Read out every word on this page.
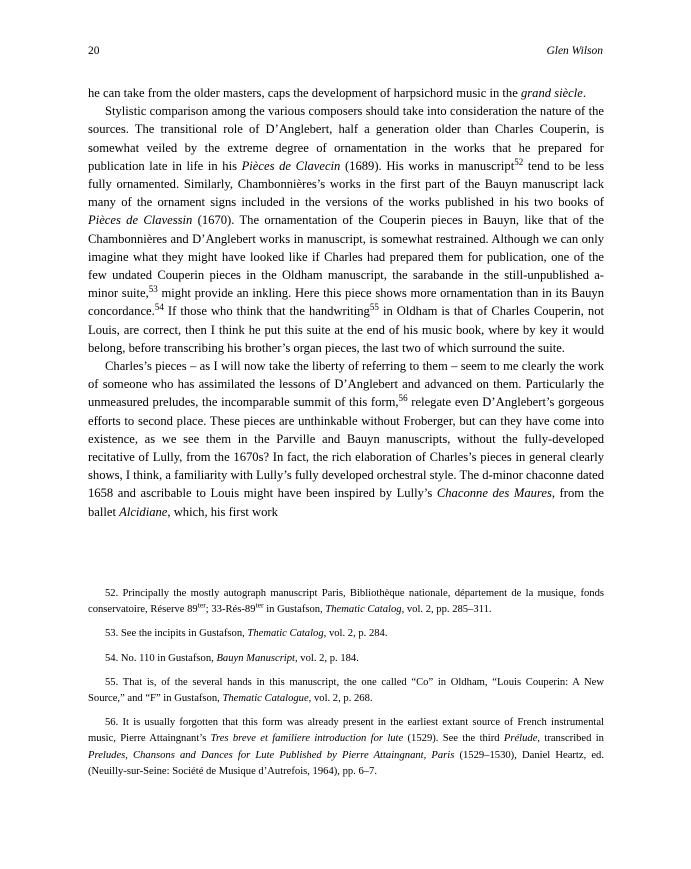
20	Glen Wilson

he can take from the older masters, caps the development of harpsichord music in the grand siècle.

Stylistic comparison among the various composers should take into consideration the nature of the sources. The transitional role of D’Anglebert, half a generation older than Charles Couperin, is somewhat veiled by the extreme degree of ornamentation in the works that he prepared for publication late in life in his Pièces de Clavecin (1689). His works in manuscript$^{52}$ tend to be less fully ornamented. Similarly, Chambonnières’s works in the first part of the Bauyn manuscript lack many of the ornament signs included in the versions of the works published in his two books of Pièces de Clavessin (1670). The ornamentation of the Couperin pieces in Bauyn, like that of the Chambonnières and D’Anglebert works in manuscript, is somewhat restrained. Although we can only imagine what they might have looked like if Charles had prepared them for publication, one of the few undated Couperin pieces in the Oldham manuscript, the sarabande in the still-unpublished a-minor suite,$^{53}$ might provide an inkling. Here this piece shows more ornamentation than in its Bauyn concordance.$^{54}$ If those who think that the handwriting$^{55}$ in Oldham is that of Charles Couperin, not Louis, are correct, then I think he put this suite at the end of his music book, where by key it would belong, before transcribing his brother’s organ pieces, the last two of which surround the suite.

Charles’s pieces – as I will now take the liberty of referring to them – seem to me clearly the work of someone who has assimilated the lessons of D’Anglebert and advanced on them. Particularly the unmeasured preludes, the incomparable summit of this form,$^{56}$ relegate even D’Anglebert’s gorgeous efforts to second place. These pieces are unthinkable without Froberger, but can they have come into existence, as we see them in the Parville and Bauyn manuscripts, without the fully-developed recitative of Lully, from the 1670s? In fact, the rich elaboration of Charles’s pieces in general clearly shows, I think, a familiarity with Lully’s fully developed orchestral style. The d-minor chaconne dated 1658 and ascribable to Louis might have been inspired by Lully’s Chaconne des Maures, from the ballet Alcidiane, which, his first work

52. Principally the mostly autograph manuscript Paris, Bibliothèque nationale, département de la musique, fonds conservatoire, Réserve $89^{ter}$; $33-Rés-89^{ter}$ in Gustafson, Thematic Catalog, vol. 2, pp. 285–311.

53. See the incipits in Gustafson, Thematic Catalog, vol. 2, p. 284.

54. No. 110 in Gustafson, Bauyn Manuscript, vol. 2, p. 184.

55. That is, of the several hands in this manuscript, the one called “Co” in Oldham, “Louis Couperin: A New Source,” and “F” in Gustafson, Thematic Catalogue, vol. 2, p. 268.

56. It is usually forgotten that this form was already present in the earliest extant source of French instrumental music, Pierre Attaingnant’s Tres breve et familiere introduction for lute (1529). See the third Prélude, transcribed in Preludes, Chansons and Dances for Lute Published by Pierre Attaingnant, Paris (1529–1530), Daniel Heartz, ed. (Neuilly-sur-Seine: Société de Musique d’Autrefois, 1964), pp. 6–7.
